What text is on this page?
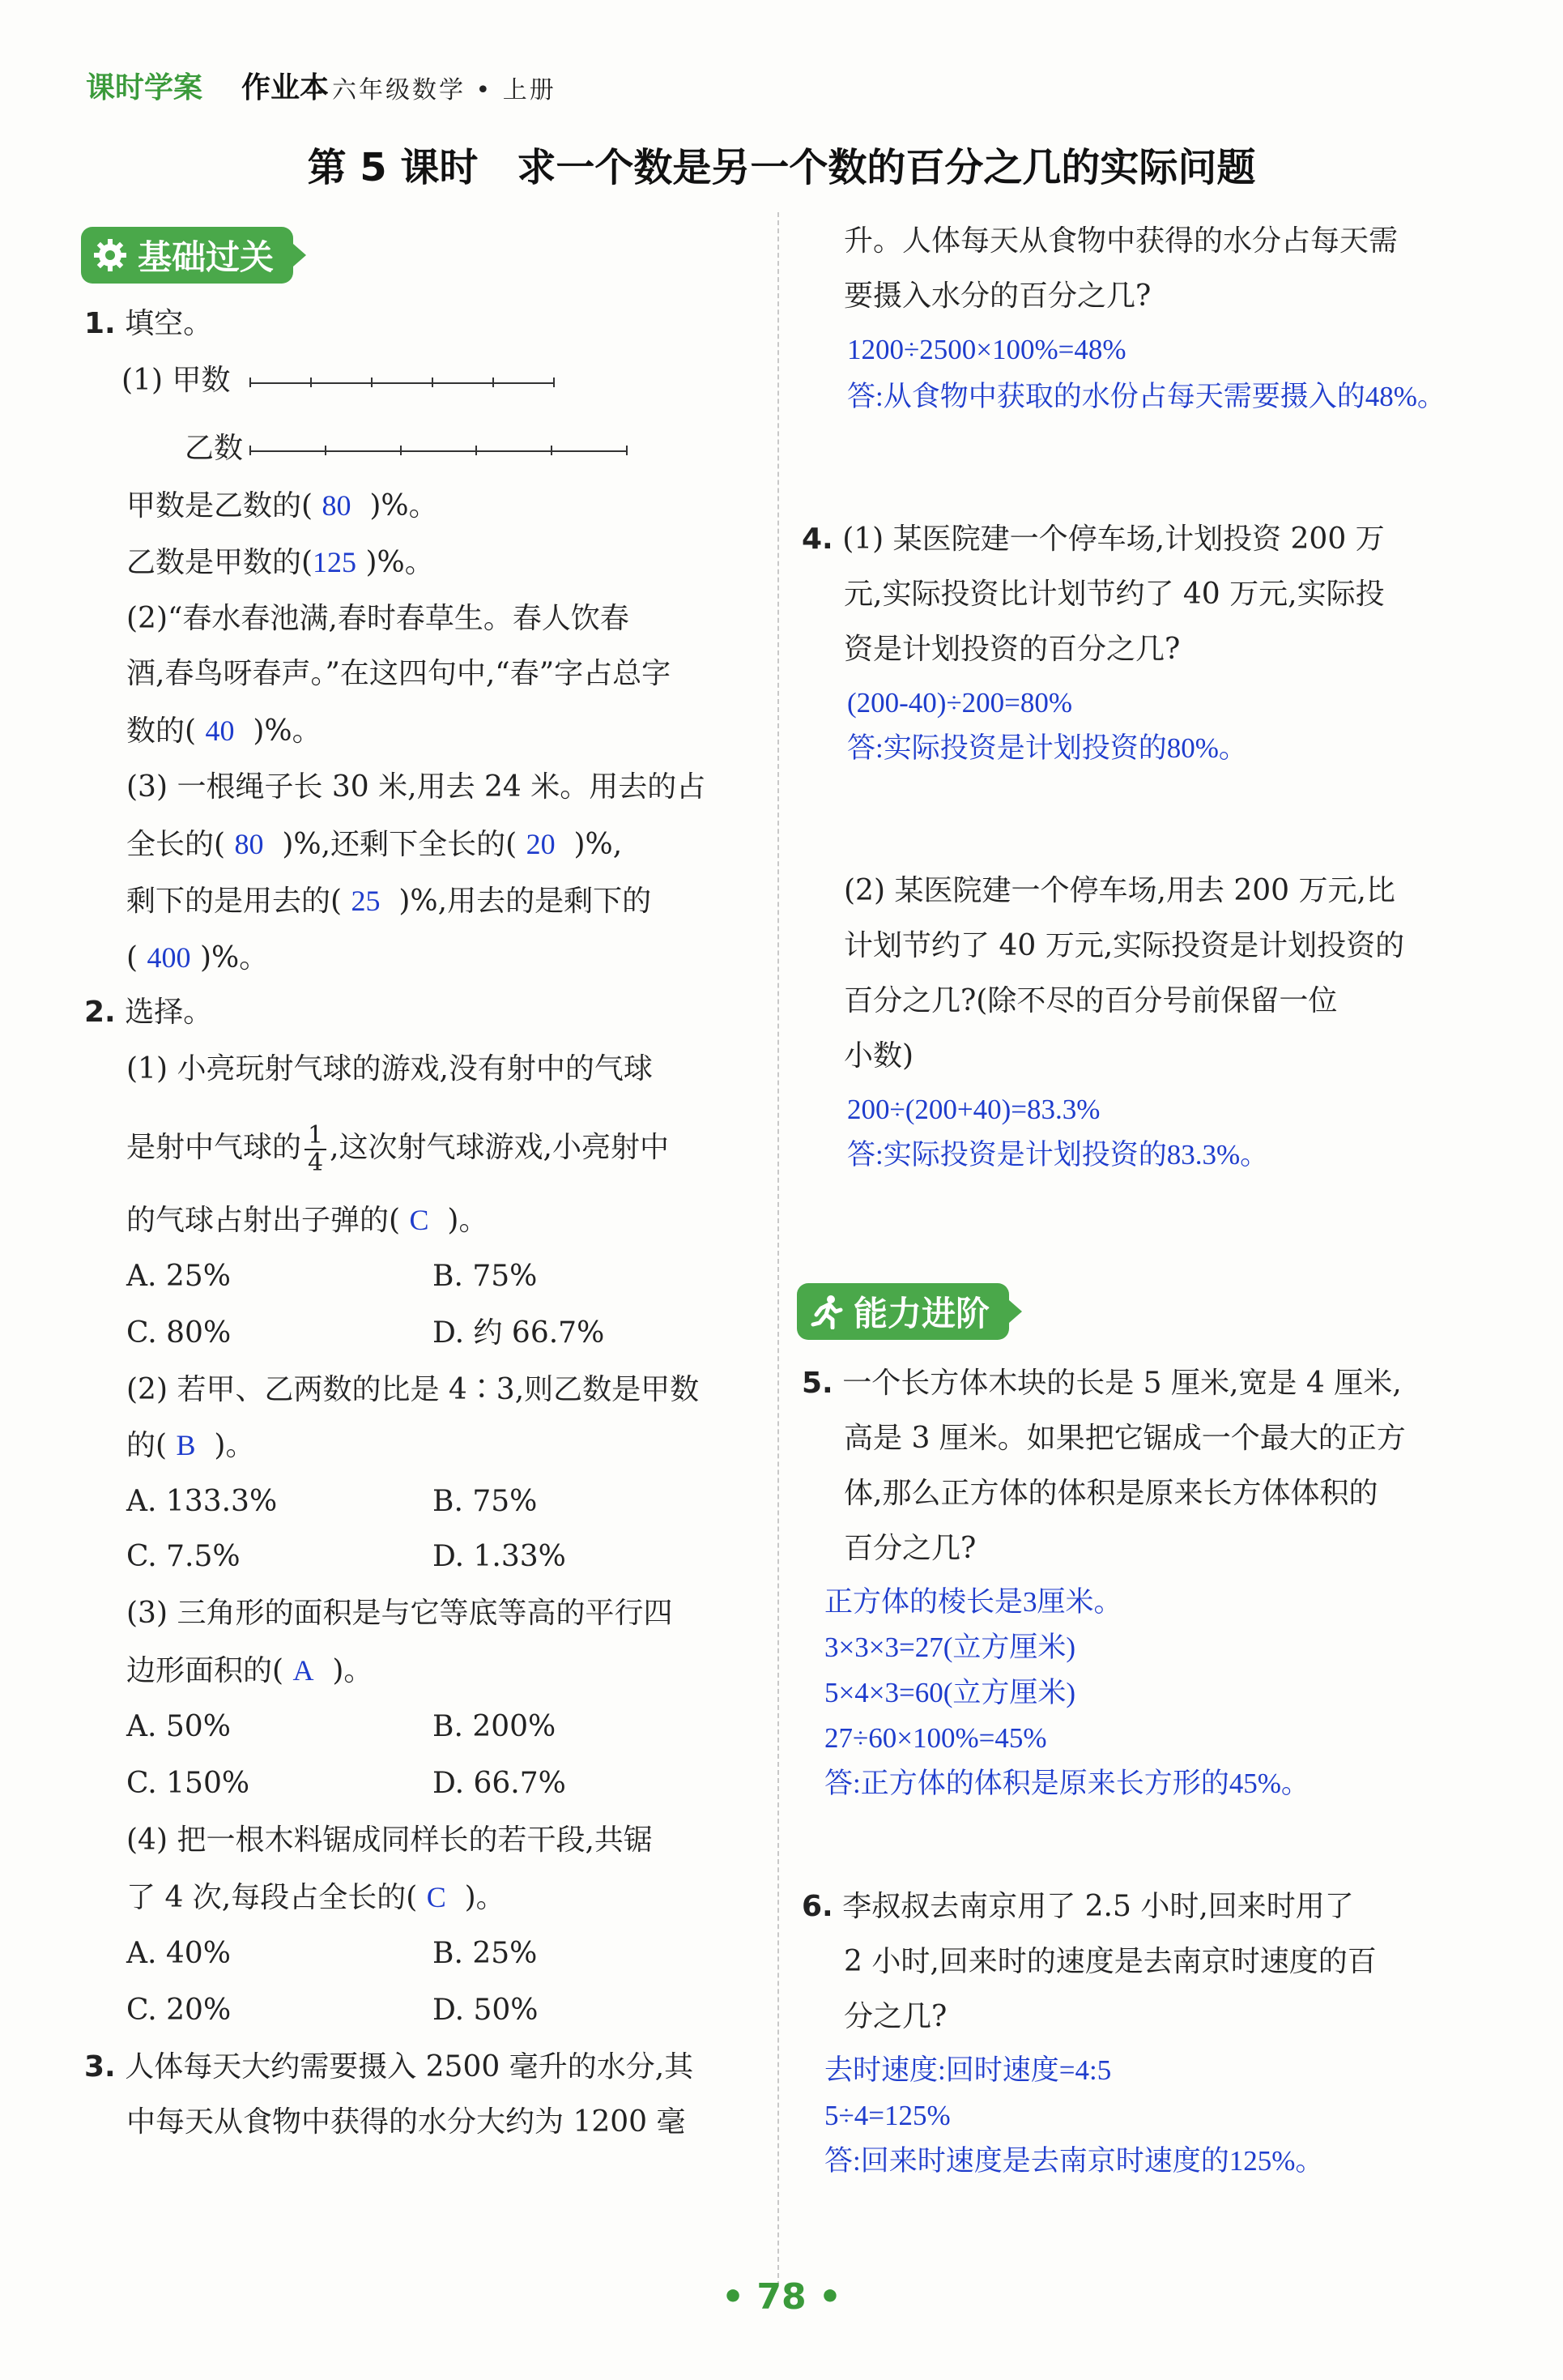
课时学案 作业本 六年级数学 • 上册
第 5 课时　求一个数是另一个数的百分之几的实际问题
基础过关
1. 填空。
(1) 甲数
乙数
甲数是乙数的( 80 )%。
乙数是甲数的(125 )%。
(2)“春水春池满,春时春草生。春人饮春
酒,春鸟呀春声。”在这四句中,“春”字占总字
数的( 40 )%。
(3) 一根绳子长 30 米,用去 24 米。用去的占
全长的( 80 )%,还剩下全长的( 20 )%,
剩下的是用去的( 25 )%,用去的是剩下的
( 400 )%。
2. 选择。
(1) 小亮玩射气球的游戏,没有射中的气球
是射中气球的 $\frac{1}{4}$ ,这次射气球游戏,小亮射中
的气球占射出子弹的( C )。
A. 25%	B. 75%
C. 80%	D. 约 66.7%
(2) 若甲、乙两数的比是 4∶3,则乙数是甲数
的( B )。
A. 133.3%	B. 75%
C. 7.5%	D. 1.33%
(3) 三角形的面积是与它等底等高的平行四
边形面积的( A )。
A. 50%	B. 200%
C. 150%	D. 66.7%
(4) 把一根木料锯成同样长的若干段,共锯
了 4 次,每段占全长的( C )。
A. 40%	B. 25%
C. 20%	D. 50%
3. 人体每天大约需要摄入 2500 毫升的水分,其
中每天从食物中获得的水分大约为 1200 毫
升。人体每天从食物中获得的水分占每天需
要摄入水分的百分之几?
1200÷2500×100%=48%
答:从食物中获取的水份占每天需要摄入的48%。
4. (1) 某医院建一个停车场,计划投资 200 万
元,实际投资比计划节约了 40 万元,实际投
资是计划投资的百分之几?
(200-40)÷200=80%
答:实际投资是计划投资的80%。
(2) 某医院建一个停车场,用去 200 万元,比
计划节约了 40 万元,实际投资是计划投资的
百分之几?(除不尽的百分号前保留一位
小数)
200÷(200+40)=83.3%
答:实际投资是计划投资的83.3%。
能力进阶
5. 一个长方体木块的长是 5 厘米,宽是 4 厘米,
高是 3 厘米。如果把它锯成一个最大的正方
体,那么正方体的体积是原来长方体体积的
百分之几?
正方体的棱长是3厘米。
3×3×3=27(立方厘米)
5×4×3=60(立方厘米)
27÷60×100%=45%
答:正方体的体积是原来长方形的45%。
6. 李叔叔去南京用了 2.5 小时,回来时用了
2 小时,回来时的速度是去南京时速度的百
分之几?
去时速度:回时速度=4:5
5÷4=125%
答:回来时速度是去南京时速度的125%。
• 78 •
